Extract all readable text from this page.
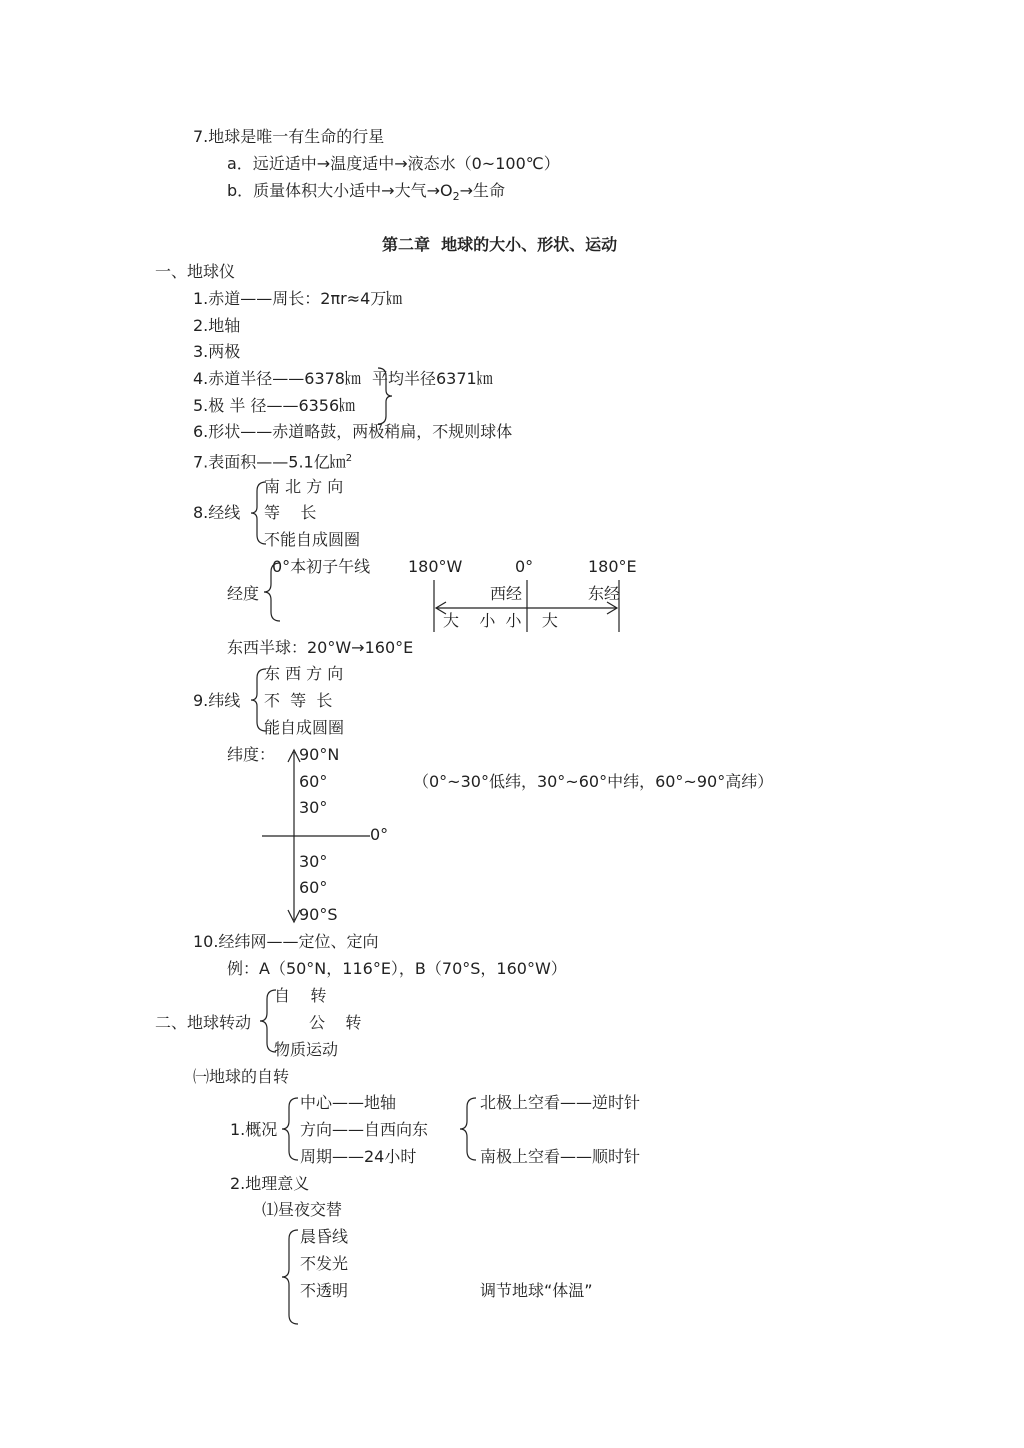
7.地球是唯一有生命的行星
a．远近适中→温度适中→液态水（0~100℃）
b．质量体积大小适中→大气$\to O_2\to$生命
第二章  地球的大小、形状、运动
一、地球仪
1.赤道——周长：2πr≈4万㎞
2.地轴
3.两极
4.赤道半径——6378㎞ 平均半径6371㎞
5.极 半 径——6356㎞
6.形状——赤道略鼓，两极稍扁，不规则球体
7.表面积——5.1亿㎞$^2$
8.经线
南 北 方 向
等    长
不能自成圆圈
经度
0°本初子午线 180°W	0°	180°E
西经	东经
大    小  小    大
东西半球：20°W→160°E
9.纬线
东 西 方 向
不  等  长
能自成圆圈
纬度： 90°N
60°
30°
0°
30°
60°
90°S
（0°~30°低纬，30°~60°中纬，60°~90°高纬）
10.经纬网——定位、定向
例：A（50°N，116°E），B（70°S，160°W）
二、地球转动
自    转
公    转
物质运动
㈠地球的自转
1.概况
中心——地轴
方向——自西向东
周期——24小时
北极上空看——逆时针
南极上空看——顺时针
2.地理意义
⑴昼夜交替
晨昏线
不发光
不透明	调节地球“体温”
